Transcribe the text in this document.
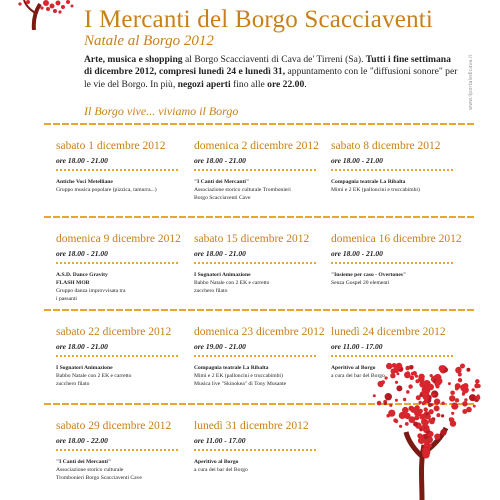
I Mercanti del Borgo Scacciaventi
Natale al Borgo 2012
Arte, musica e shopping al Borgo Scacciaventi di Cava de' Tirreni (Sa). Tutti i fine settimana di dicembre 2012, compresi lunedì 24 e lunedì 31, appuntamento con le "diffusioni sonore" per le vie del Borgo. In più, negozi aperti fino alle ore 22.00.
Il Borgo vive... viviamo il Borgo
www.ilportaledicava.it
sabato 1 dicembre 2012
ore 18.00 - 21.00
Antiche Voci Metelliane
Gruppo musica popolare (pizzica, tamurra...)
domenica 2 dicembre 2012
ore 18.00 - 21.00
"I Canti dei Mercanti"
Associazione storico culturale Trombonieri
Borgo Scacciaventi Cave
sabato 8 dicembre 2012
ore 18.00 - 21.00
Compagnia teatrale La Ribalta
Mimi e 2 EK (palloncini e truccabimbi)
domenica 9 dicembre 2012
ore 18.00 - 21.00
A.S.D. Dance Gravity
FLASH MOB
Gruppo danza improvvisata tra
i passanti
sabato 15 dicembre 2012
ore 18.00 - 21.00
I Sognatori Animazione
Babbo Natale con 2 EK e carretto
zucchero filato
domenica 16 dicembre 2012
ore 18.00 - 21.00
"Insieme per caso - Overtones"
Senza Gospel 20 elementi
sabato 22 dicembre 2012
ore 18.00 - 21.00
I Sognatori Animazione
Babbo Natale con 2 EK e carretto
zucchero filato
domenica 23 dicembre 2012
ore 19.00 - 21.00
Compagnia teatrale La Ribalta
Mimi e 2 EK (palloncini e truccabimbi)
Musica live "Skinokea" di Tony Musante
lunedì 24 dicembre 2012
ore 11.00 - 17.00
Aperitivo al Borgo
a cura dei bar del Borgo
sabato 29 dicembre 2012
ore 18.00 - 22.00
"I Canti dei Mercanti"
Associazione storico culturale
Trombonieri Borgo Scacciaventi Cave
lunedì 31 dicembre 2012
ore 11.00 - 17.00
Aperitivo al Borgo
a cura dei bar del Borgo
